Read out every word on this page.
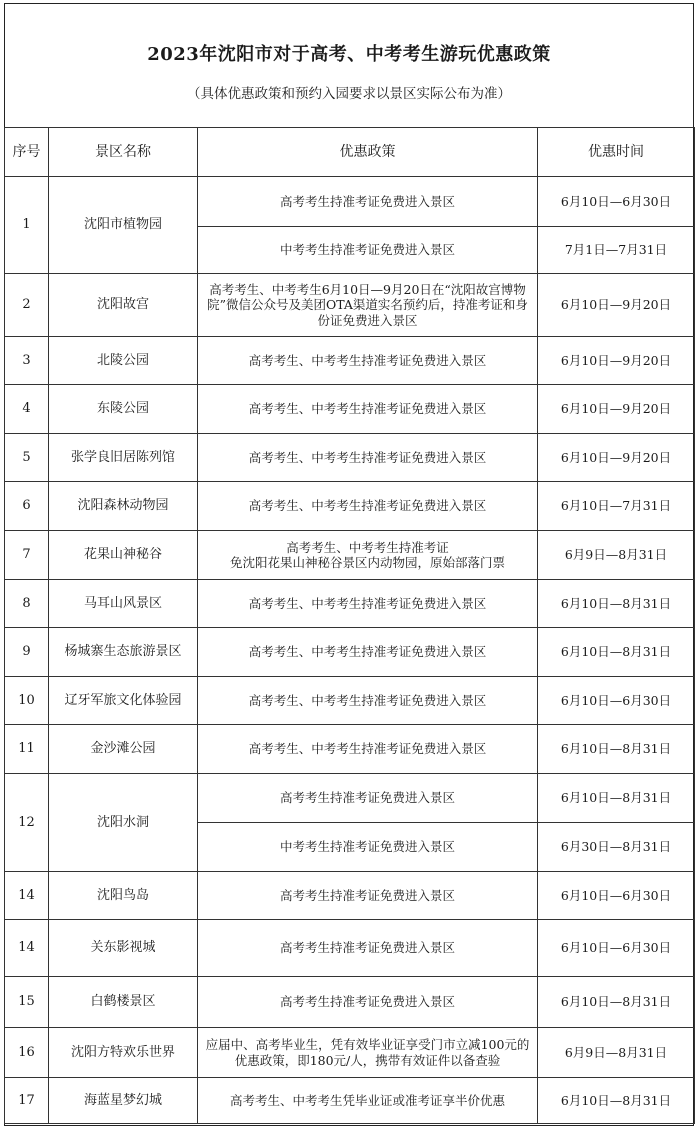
2023年沈阳市对于高考、中考考生游玩优惠政策
（具体优惠政策和预约入园要求以景区实际公布为准）
序号	景区名称	优惠政策	优惠时间
1	沈阳市植物园	高考考生持准考证免费进入景区	6月10日—6月30日
		中考考生持准考证免费进入景区	7月1日—7月31日
2	沈阳故宫	高考考生、中考考生6月10日—9月20日在“沈阳故宫博物院”微信公众号及美团OTA渠道实名预约后，持准考证和身份证免费进入景区	6月10日—9月20日
3	北陵公园	高考考生、中考考生持准考证免费进入景区	6月10日—9月20日
4	东陵公园	高考考生、中考考生持准考证免费进入景区	6月10日—9月20日
5	张学良旧居陈列馆	高考考生、中考考生持准考证免费进入景区	6月10日—9月20日
6	沈阳森林动物园	高考考生、中考考生持准考证免费进入景区	6月10日—7月31日
7	花果山神秘谷	高考考生、中考考生持准考证
免沈阳花果山神秘谷景区内动物园，原始部落门票	6月9日—8月31日
8	马耳山风景区	高考考生、中考考生持准考证免费进入景区	6月10日—8月31日
9	杨城寨生态旅游景区	高考考生、中考考生持准考证免费进入景区	6月10日—8月31日
10	辽牙军旅文化体验园	高考考生、中考考生持准考证免费进入景区	6月10日—6月30日
11	金沙滩公园	高考考生、中考考生持准考证免费进入景区	6月10日—8月31日
12	沈阳水洞	高考考生持准考证免费进入景区	6月10日—8月31日
		中考考生持准考证免费进入景区	6月30日—8月31日
14	沈阳鸟岛	高考考生持准考证免费进入景区	6月10日—6月30日
14	关东影视城	高考考生持准考证免费进入景区	6月10日—6月30日
15	白鹤楼景区	高考考生持准考证免费进入景区	6月10日—8月31日
16	沈阳方特欢乐世界	应届中、高考毕业生，凭有效毕业证享受门市立减100元的优惠政策，即180元/人，携带有效证件以备查验	6月9日—8月31日
17	海蓝星梦幻城	高考考生、中考考生凭毕业证或准考证享半价优惠	6月10日—8月31日
